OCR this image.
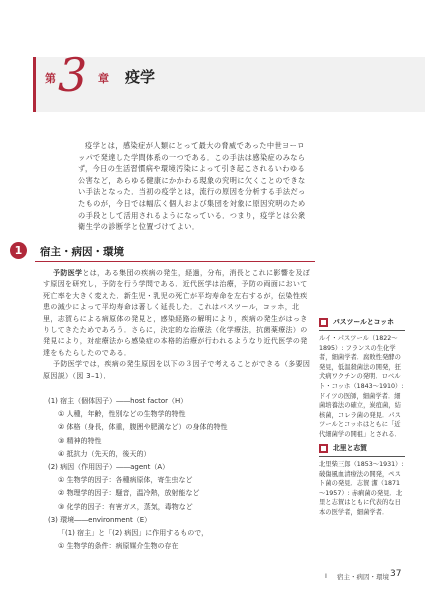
第 3 章 疫学

疫学とは，感染症が人類にとって最大の脅威であった中世ヨーロッパで発達した学問体系の一つである．この手法は感染症のみならず，今日の生活習慣病や環境汚染によって引き起こされるいわゆる公害など，あらゆる健康にかかわる現象の究明に欠くことのできない手法となった．当初の疫学とは，流行の原因を分析する手法だったものが，今日では幅広く個人および集団を対象に原因究明のための手段として活用されるようになっている．つまり，疫学とは公衆衛生学の診断学と位置づけてよい．

1	宿主・病因・環境

予防医学とは，ある集団の疾病の発生，経過，分布，消長とこれに影響を及ぼす原因を研究し，予防を行う学問である．近代医学は治療，予防の両面において死亡率を大きく変えた．新生児・乳児の死亡が平均寿命を左右するが，伝染性疾患の減少によって平均寿命は著しく延長した．これはパスツール，コッホ，北里，志賀らによる病原体の発見と，感染経路の解明により，疾病の発生がはっきりしてきたためであろう．さらに，決定的な治療法（化学療法，抗菌薬療法）の発見により，対症療法から感染症の本格的治療が行われるようなり近代医学の発達をもたらしたのである．

予防医学では，疾病の発生原因を以下の３因子で考えることができる（多要因原因説）（図 3–1）．

(1) 宿主（個体因子）――host factor（H）
① 人種，年齢，性別などの生物学的特性
② 体格（身長，体重，腹囲や肥満など）の身体的特性
③ 精神的特性
④ 抵抗力（先天的，後天的）
(2) 病因（作用因子）――agent（A）
① 生物学的因子：各種病原体，寄生虫など
② 物理学的因子：騒音，温冷熱，放射能など
③ 化学的因子：有害ガス，蒸気，毒物など
(3) 環境――environment（E）
「(1) 宿主」と「(2) 病因」に作用するもので，
① 生物学的条件：病原媒介生物の存在
パスツールとコッホ
ルイ・パスツール（1822～1895）: フランスの生化学者，細菌学者．腐敗性発酵の発見，低温殺菌法の開発，狂犬病ワクチンの発明．ロベルト・コッホ（1843～1910）: ドイツの医師，細菌学者．細菌培養法の確立，炭疽菌，結核菌，コレラ菌の発見．パスツールとコッホはともに「近代細菌学の開祖」とされる．
北里と志賀
北里柴三郎（1853～1931）: 破傷風血清療法の開発，ペスト菌の発見．志賀 潔（1871～1957）: 赤痢菌の発見．北里と志賀はともに代表的な日本の医学者，細菌学者．
I 宿主・病因・環境 37
